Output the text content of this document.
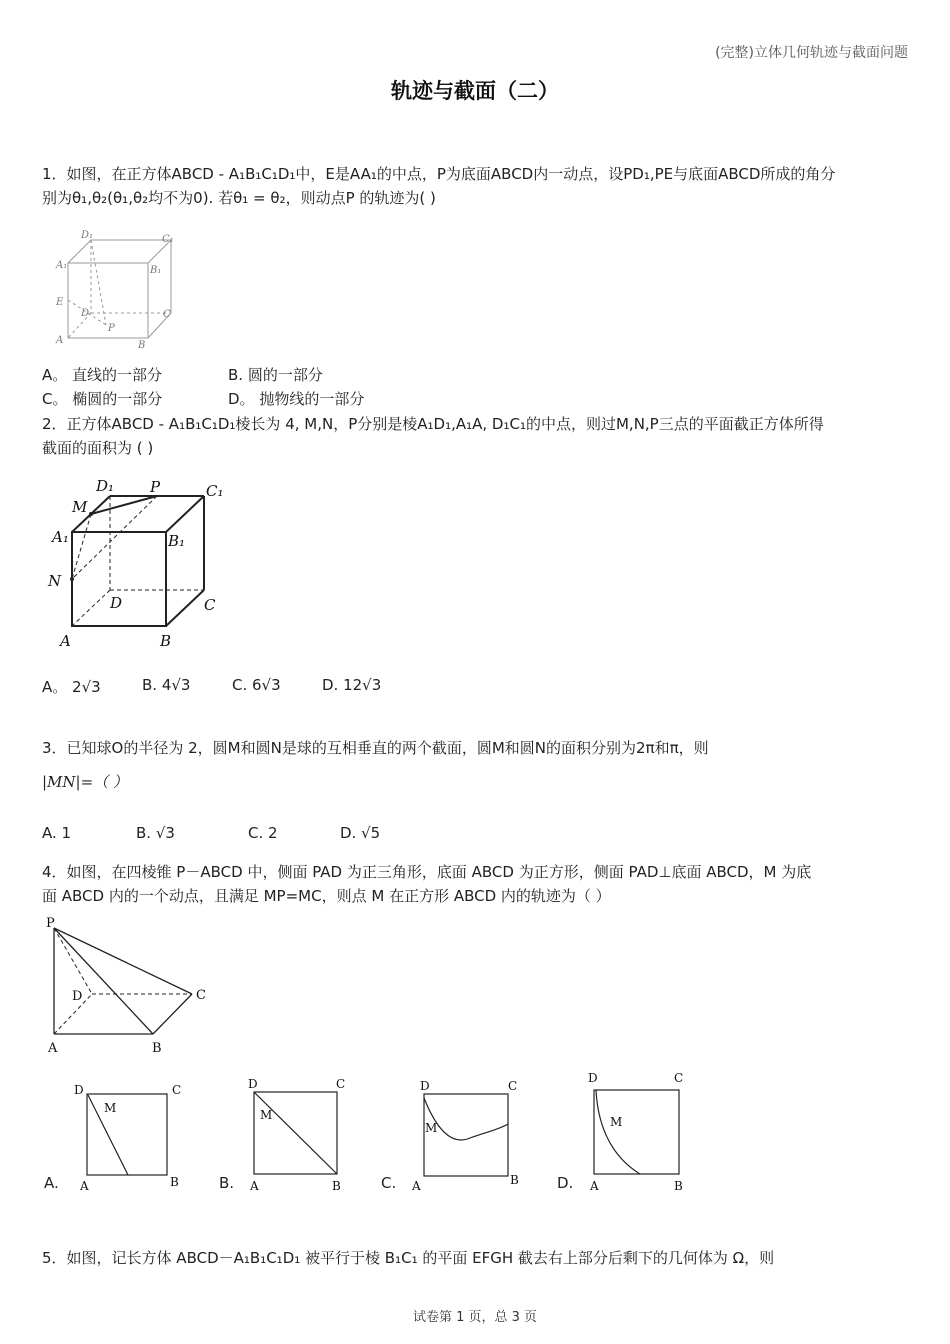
(完整)立体几何轨迹与截面问题
轨迹与截面（二）
1．如图，在正方体ABCD - A₁B₁C₁D₁中，E是AA₁的中点，P为底面ABCD内一动点，设PD₁,PE与底面ABCD所成的角分
别为θ₁,θ₂(θ₁,θ₂均不为0). 若θ₁ = θ₂，则动点P 的轨迹为( )
D₁	C₁
A₁	B₁
E
D	C
P
A	B
A。 直线的一部分	B. 圆的一部分
C。 椭圆的一部分	D。 抛物线的一部分
2．正方体ABCD - A₁B₁C₁D₁棱长为 4, M,N，P分别是棱A₁D₁,A₁A, D₁C₁的中点，则过M,N,P三点的平面截正方体所得
截面的面积为 ( )
D₁ P	C₁
M
A₁	B₁
N
D	C
A	B
A。 2√3	B. 4√3	C. 6√3	D. 12√3
3．已知球O的半径为 2，圆M和圆N是球的互相垂直的两个截面，圆M和圆N的面积分别为2π和π，则
|MN|=（ ）
A. 1	B. √3	C. 2	D. √5
4．如图，在四棱锥 P－ABCD 中，侧面 PAD 为正三角形，底面 ABCD 为正方形，侧面 PAD⊥底面 ABCD，M 为底
面 ABCD 内的一个动点，且满足 MP=MC，则点 M 在正方形 ABCD 内的轨迹为（ ）
P
D	C
A	B
A.
D	C
M
A	B	B.
D	C
M
A	B	C.
D	C
M
A	B	D.
D	C
M
A	B
5．如图，记长方体 ABCD－A₁B₁C₁D₁ 被平行于棱 B₁C₁ 的平面 EFGH 截去右上部分后剩下的几何体为 Ω，则
试卷第 1 页，总 3 页
